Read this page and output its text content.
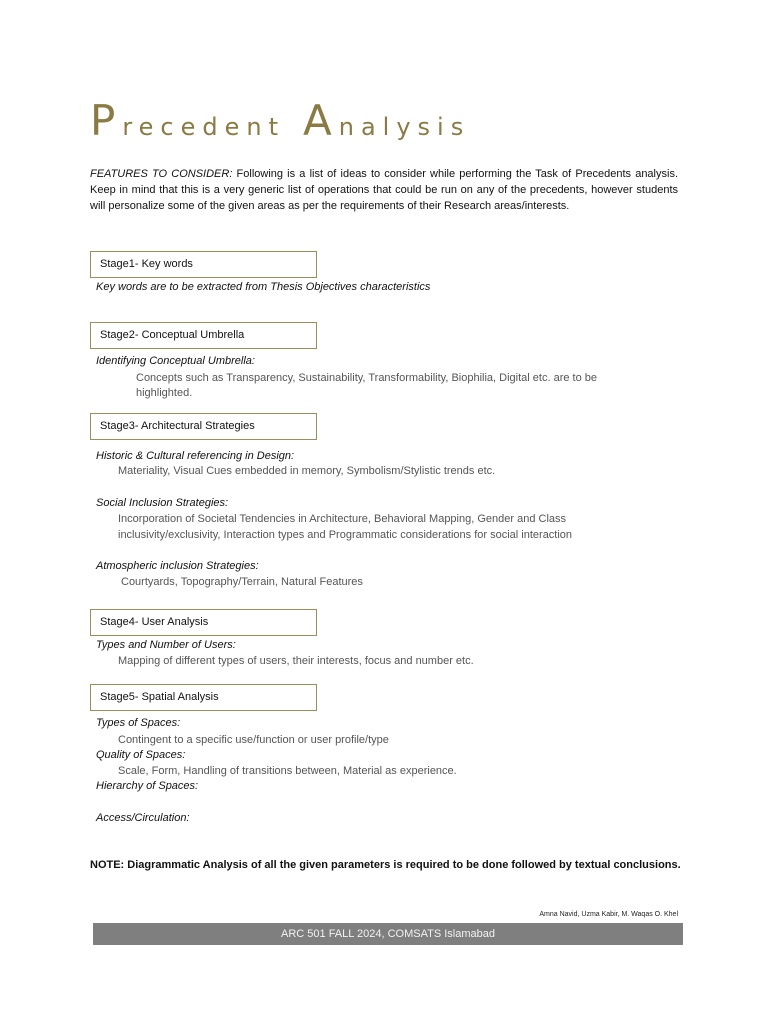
Precedent Analysis
FEATURES TO CONSIDER: Following is a list of ideas to consider while performing the Task of Precedents analysis. Keep in mind that this is a very generic list of operations that could be run on any of the precedents, however students will personalize some of the given areas as per the requirements of their Research areas/interests.
Stage1- Key words
Key words are to be extracted from Thesis Objectives characteristics
Stage2- Conceptual Umbrella
Identifying Conceptual Umbrella:
Concepts such as Transparency, Sustainability, Transformability, Biophilia, Digital etc. are to be
highlighted.
Stage3- Architectural Strategies
Historic & Cultural referencing in Design:
Materiality, Visual Cues embedded in memory, Symbolism/Stylistic trends etc.
Social Inclusion Strategies:
Incorporation of Societal Tendencies in Architecture, Behavioral Mapping, Gender and Class
inclusivity/exclusivity, Interaction types and Programmatic considerations for social interaction
Atmospheric inclusion Strategies:
Courtyards, Topography/Terrain, Natural Features
Stage4- User Analysis
Types and Number of Users:
Mapping of different types of users, their interests, focus and number etc.
Stage5- Spatial Analysis
Types of Spaces:
Contingent to a specific use/function or user profile/type
Quality of Spaces:
Scale, Form, Handling of transitions between, Material as experience.
Hierarchy of Spaces:
Access/Circulation:
NOTE: Diagrammatic Analysis of all the given parameters is required to be done followed by textual conclusions.
Amna Navid, Uzma Kabir, M. Waqas O. Khel
ARC 501 FALL 2024, COMSATS Islamabad
